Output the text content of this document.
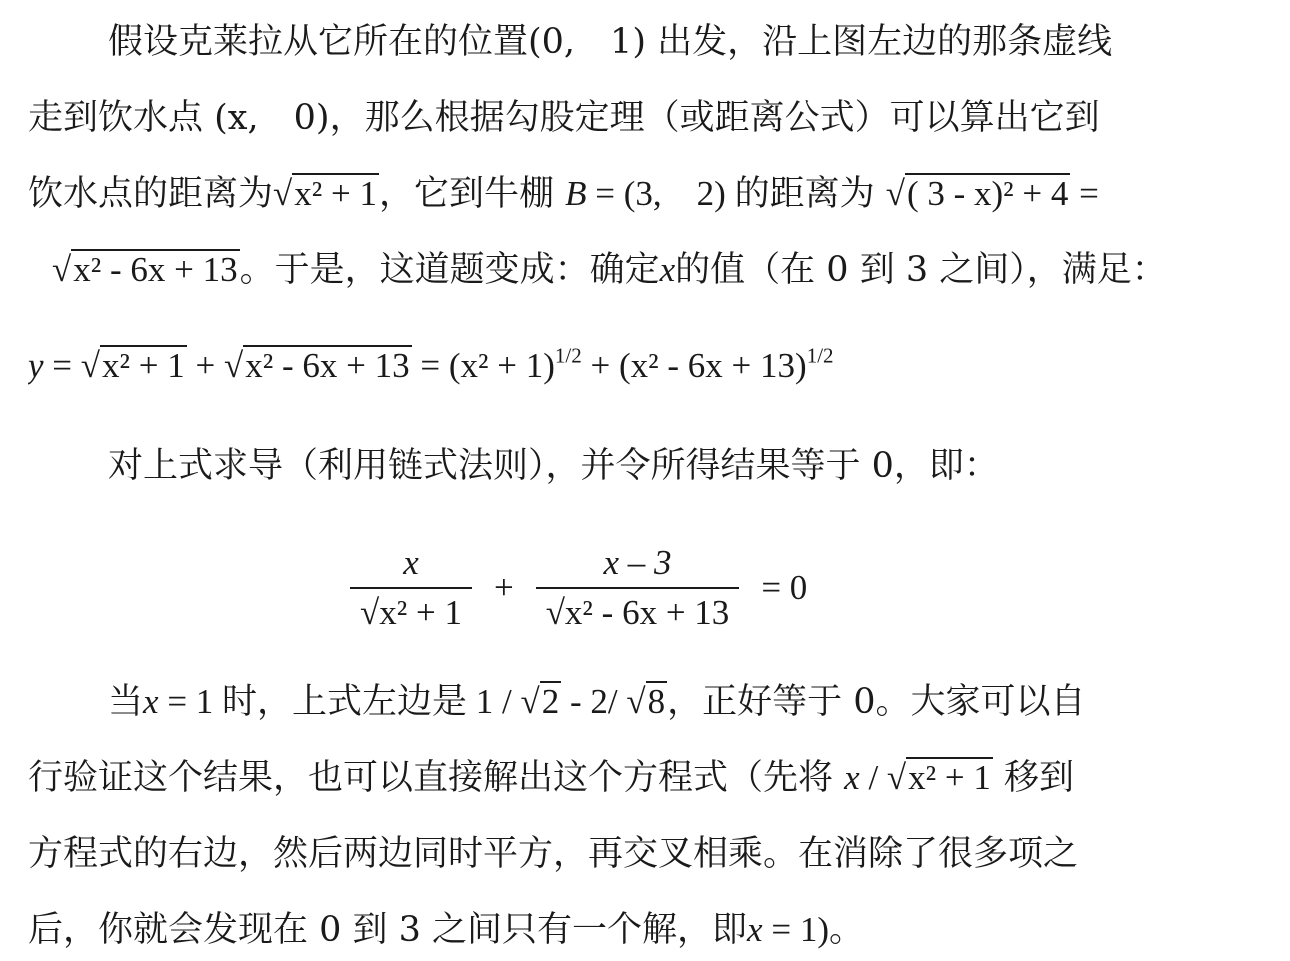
假设克莱拉从它所在的位置(0,　1) 出发，沿上图左边的那条虚线
走到饮水点 (x,　0)，那么根据勾股定理（或距离公式）可以算出它到
饮水点的距离为√x² + 1，它到牛棚 B = (3,　2) 的距离为 √( 3 - x)² + 4 =
√x² - 6x + 13。于是，这道题变成：确定x的值（在 0 到 3 之间），满足：
$y = √x^2 + 1 + √x^2 - 6x + 13 = (x^2 + 1)^{1/2} + (x^2 - 6x + 13)^{1/2}$
对上式求导（利用链式法则），并令所得结果等于 0，即：
$\frac{x}{\text{√x² + 1}} + \frac{x - 3}{\text{√x² - 6x + 13}} = 0$
当x = 1 时，上式左边是 1 / √2 - 2/ √8，正好等于 0。大家可以自
行验证这个结果，也可以直接解出这个方程式（先将 x / √x² + 1 移到
方程式的右边，然后两边同时平方，再交叉相乘。在消除了很多项之
后，你就会发现在 0 到 3 之间只有一个解，即x = 1)。
